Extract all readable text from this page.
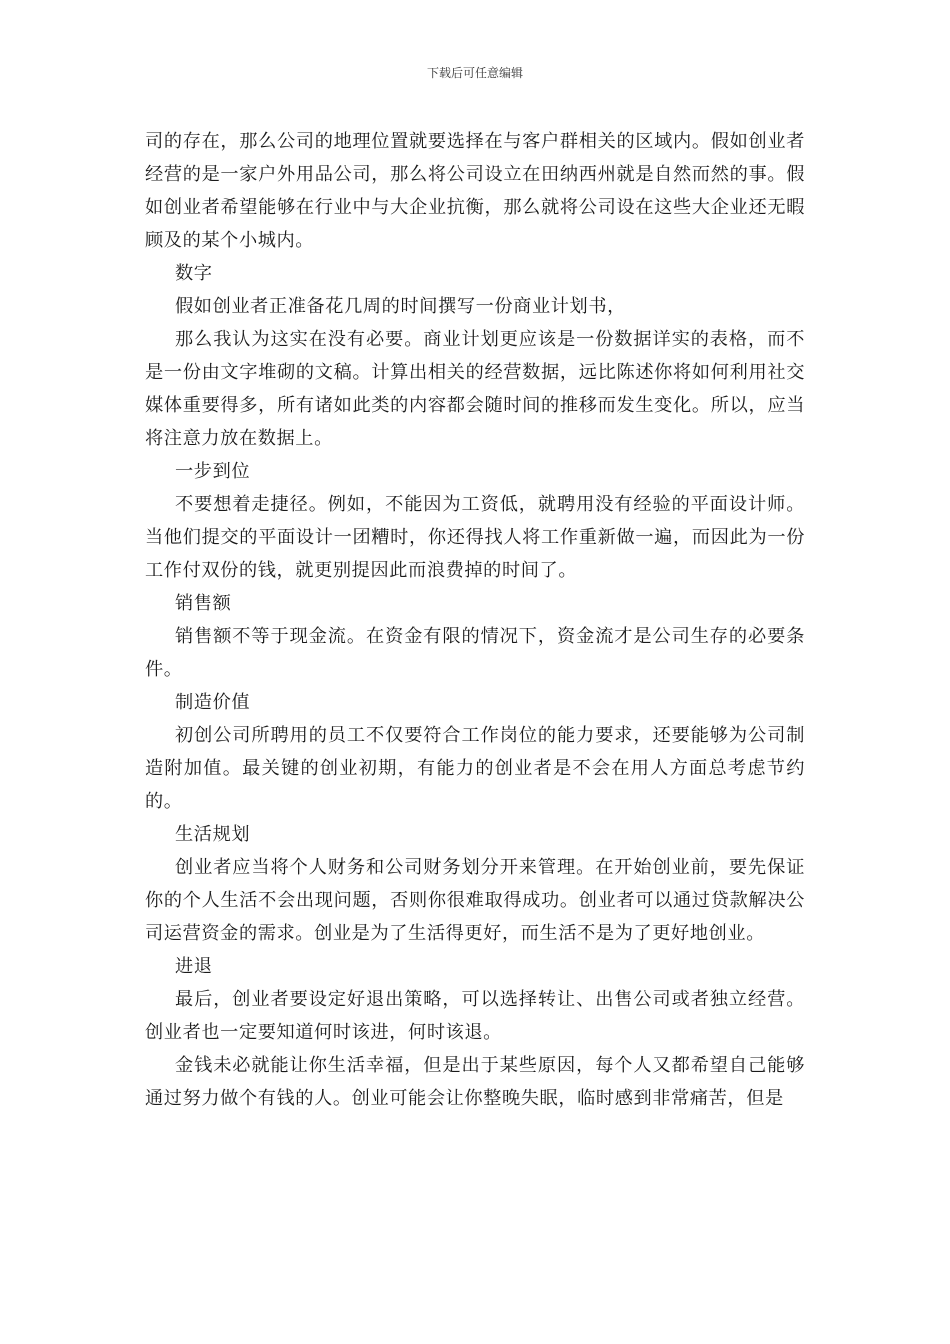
下载后可任意编辑

司的存在，那么公司的地理位置就要选择在与客户群相关的区域内。假如创业者经营的是一家户外用品公司，那么将公司设立在田纳西州就是自然而然的事。假如创业者希望能够在行业中与大企业抗衡，那么就将公司设在这些大企业还无暇顾及的某个小城内。

数字

假如创业者正准备花几周的时间撰写一份商业计划书，

那么我认为这实在没有必要。商业计划更应该是一份数据详实的表格，而不是一份由文字堆砌的文稿。计算出相关的经营数据，远比陈述你将如何利用社交媒体重要得多，所有诸如此类的内容都会随时间的推移而发生变化。所以，应当将注意力放在数据上。

一步到位

不要想着走捷径。例如，不能因为工资低，就聘用没有经验的平面设计师。当他们提交的平面设计一团糟时，你还得找人将工作重新做一遍，而因此为一份工作付双份的钱，就更别提因此而浪费掉的时间了。

销售额

销售额不等于现金流。在资金有限的情况下，资金流才是公司生存的必要条件。

制造价值

初创公司所聘用的员工不仅要符合工作岗位的能力要求，还要能够为公司制造附加值。最关键的创业初期，有能力的创业者是不会在用人方面总考虑节约的。

生活规划

创业者应当将个人财务和公司财务划分开来管理。在开始创业前，要先保证你的个人生活不会出现问题，否则你很难取得成功。创业者可以通过贷款解决公司运营资金的需求。创业是为了生活得更好，而生活不是为了更好地创业。

进退

最后，创业者要设定好退出策略，可以选择转让、出售公司或者独立经营。创业者也一定要知道何时该进，何时该退。

金钱未必就能让你生活幸福，但是出于某些原因，每个人又都希望自己能够通过努力做个有钱的人。创业可能会让你整晚失眠，临时感到非常痛苦，但是
